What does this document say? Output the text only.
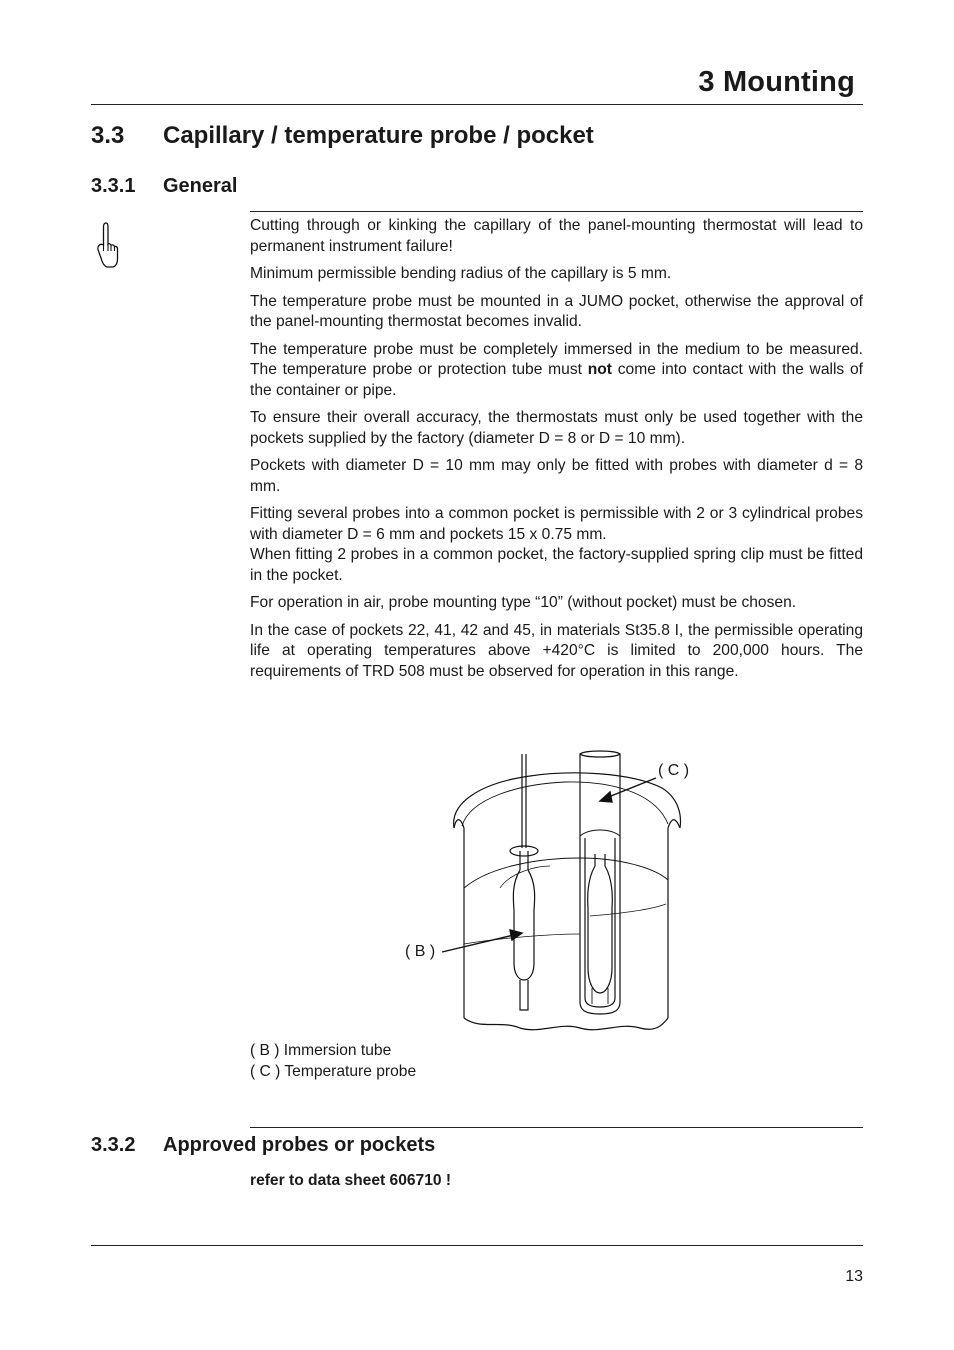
3 Mounting
3.3 Capillary / temperature probe / pocket
3.3.1 General

Cutting through or kinking the capillary of the panel-mounting thermostat will lead to permanent instrument failure!

Minimum permissible bending radius of the capillary is 5 mm.

The temperature probe must be mounted in a JUMO pocket, otherwise the approval of the panel-mounting thermostat becomes invalid.

The temperature probe must be completely immersed in the medium to be measured. The temperature probe or protection tube must not come into contact with the walls of the container or pipe.

To ensure their overall accuracy, the thermostats must only be used together with the pockets supplied by the factory (diameter D = 8 or D = 10 mm).

Pockets with diameter D = 10 mm may only be fitted with probes with diameter d = 8 mm.

Fitting several probes into a common pocket is permissible with 2 or 3 cylindrical probes with diameter D = 6 mm and pockets 15 x 0.75 mm.
When fitting 2 probes in a common pocket, the factory-supplied spring clip must be fitted in the pocket.

For operation in air, probe mounting type “10” (without pocket) must be chosen.

In the case of pockets 22, 41, 42 and 45, in materials St35.8 I, the permissible operating life at operating temperatures above +420°C is limited to 200,000 hours. The requirements of TRD 508 must be observed for operation in this range.

( B )
( C )
( B ) Immersion tube
( C ) Temperature probe
3.3.2 Approved probes or pockets
refer to data sheet 606710 !
13
